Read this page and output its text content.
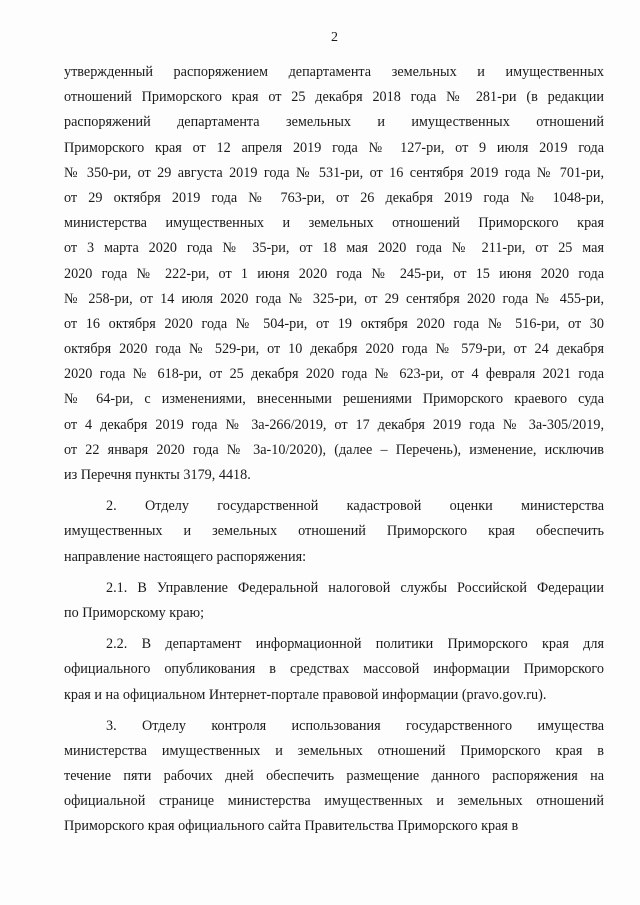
2
утвержденный распоряжением департамента земельных и имущественных
отношений Приморского края от 25 декабря 2018 года № 281-ри (в редакции
распоряжений департамента земельных и имущественных отношений
Приморского края от 12 апреля 2019 года № 127-ри, от 9 июля 2019 года
№ 350-ри, от 29 августа 2019 года № 531-ри, от 16 сентября 2019 года № 701-ри,
от 29 октября 2019 года № 763-ри, от 26 декабря 2019 года № 1048-ри,
министерства имущественных и земельных отношений Приморского края
от 3 марта 2020 года № 35-ри, от 18 мая 2020 года № 211-ри, от 25 мая
2020 года № 222-ри, от 1 июня 2020 года № 245-ри, от 15 июня 2020 года
№ 258-ри, от 14 июля 2020 года № 325-ри, от 29 сентября 2020 года № 455-ри,
от 16 октября 2020 года № 504-ри, от 19 октября 2020 года № 516-ри, от 30
октября 2020 года № 529-ри, от 10 декабря 2020 года № 579-ри, от 24 декабря
2020 года № 618-ри, от 25 декабря 2020 года № 623-ри, от 4 февраля 2021 года
№ 64-ри, с изменениями, внесенными решениями Приморского краевого суда
от 4 декабря 2019 года № 3а-266/2019, от 17 декабря 2019 года № 3а-305/2019,
от 22 января 2020 года № 3а-10/2020), (далее – Перечень), изменение, исключив
из Перечня пункты 3179, 4418.
2. Отделу государственной кадастровой оценки министерства
имущественных и земельных отношений Приморского края обеспечить
направление настоящего распоряжения:
2.1. В Управление Федеральной налоговой службы Российской Федерации
по Приморскому краю;
2.2. В департамент информационной политики Приморского края для
официального опубликования в средствах массовой информации Приморского
края и на официальном Интернет-портале правовой информации (pravo.gov.ru).
3. Отделу контроля использования государственного имущества
министерства имущественных и земельных отношений Приморского края в
течение пяти рабочих дней обеспечить размещение данного распоряжения на
официальной странице министерства имущественных и земельных отношений
Приморского края официального сайта Правительства Приморского края в
